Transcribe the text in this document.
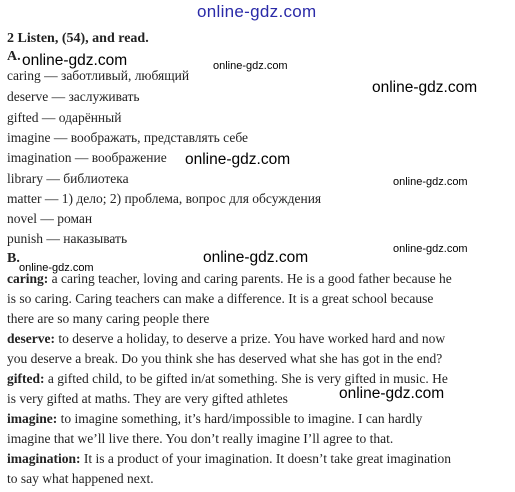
online-gdz.com
2 Listen, (54), and read.
A.
caring — заботливый, любящий
deserve — заслуживать
gifted — одарённый
imagine — воображать, представлять себе
imagination — воображение
library — библиотека
matter — 1) дело; 2) проблема, вопрос для обсуждения
novel — роман
punish — наказывать
B.
caring: a caring teacher, loving and caring parents. He is a good father because he
is so caring. Caring teachers can make a difference. It is a great school because
there are so many caring people there
deserve: to deserve a holiday, to deserve a prize. You have worked hard and now
you deserve a break. Do you think she has deserved what she has got in the end?
gifted: a gifted child, to be gifted in/at something. She is very gifted in music. He
is very gifted at maths. They are very gifted athletes
imagine: to imagine something, it’s hard/impossible to imagine. I can hardly
imagine that we’ll live there. You don’t really imagine I’ll agree to that.
imagination: It is a product of your imagination. It doesn’t take great imagination
to say what happened next.
online-gdz.com	online-gdz.com
online-gdz.com
online-gdz.com
online-gdz.com
online-gdz.com	online-gdz.com
online-gdz.com
online-gdz.com
